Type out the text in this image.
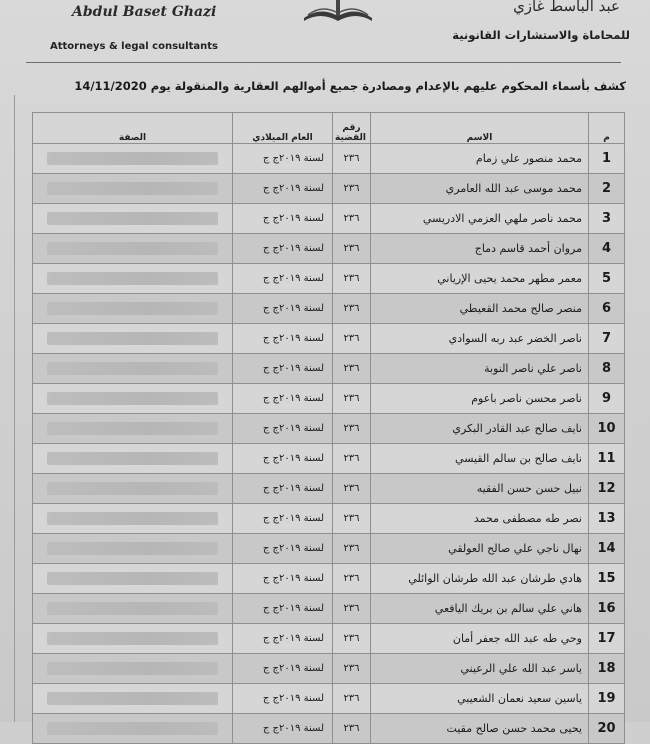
Abdul Baset Ghazi
Attorneys & legal consultants
عبد الباسط غازي
للمحاماة والاستشارات القانونية
كشف بأسماء المحكوم عليهم بالإعدام ومصادرة جميع أموالهم العقارية والمنقولة يوم 14/11/2020
م	الاسم	رقم القضية	العام الميلادي	الصفة
1	محمد منصور علي زمام	٢٣٦	لسنة ٢٠١٩ج ج	

2	محمد موسى عبد الله العامري	٢٣٦	لسنة ٢٠١٩ج ج	

3	محمد ناصر ملهي العزمي الادريسي	٢٣٦	لسنة ٢٠١٩ج ج	

4	مروان أحمد قاسم دماج	٢٣٦	لسنة ٢٠١٩ج ج	

5	معمر مطهر محمد يحيى الإرياني	٢٣٦	لسنة ٢٠١٩ج ج	

6	منصر صالح محمد القعيطي	٢٣٦	لسنة ٢٠١٩ج ج	

7	ناصر الخضر عبد ربه السوادي	٢٣٦	لسنة ٢٠١٩ج ج	

8	ناصر علي ناصر النوبة	٢٣٦	لسنة ٢٠١٩ج ج	

9	ناصر محسن ناصر باعوم	٢٣٦	لسنة ٢٠١٩ج ج	

10	نايف صالح عبد القادر البكري	٢٣٦	لسنة ٢٠١٩ج ج	

11	نايف صالح بن سالم القيسي	٢٣٦	لسنة ٢٠١٩ج ج	

12	نبيل حسن حسن الفقيه	٢٣٦	لسنة ٢٠١٩ج ج	

13	نصر طه مصطفى محمد	٢٣٦	لسنة ٢٠١٩ج ج	

14	نهال ناجي علي صالح العولقي	٢٣٦	لسنة ٢٠١٩ج ج	

15	هادي طرشان عبد الله طرشان الوائلي	٢٣٦	لسنة ٢٠١٩ج ج	

16	هاني علي سالم بن بريك اليافعي	٢٣٦	لسنة ٢٠١٩ج ج	

17	وحي طه عبد الله جعفر أمان	٢٣٦	لسنة ٢٠١٩ج ج	

18	ياسر عبد الله علي الرعيني	٢٣٦	لسنة ٢٠١٩ج ج	

19	ياسين سعيد نعمان الشعيبي	٢٣٦	لسنة ٢٠١٩ج ج	

20	يحيى محمد حسن صالح مقيت	٢٣٦	لسنة ٢٠١٩ج ج	
